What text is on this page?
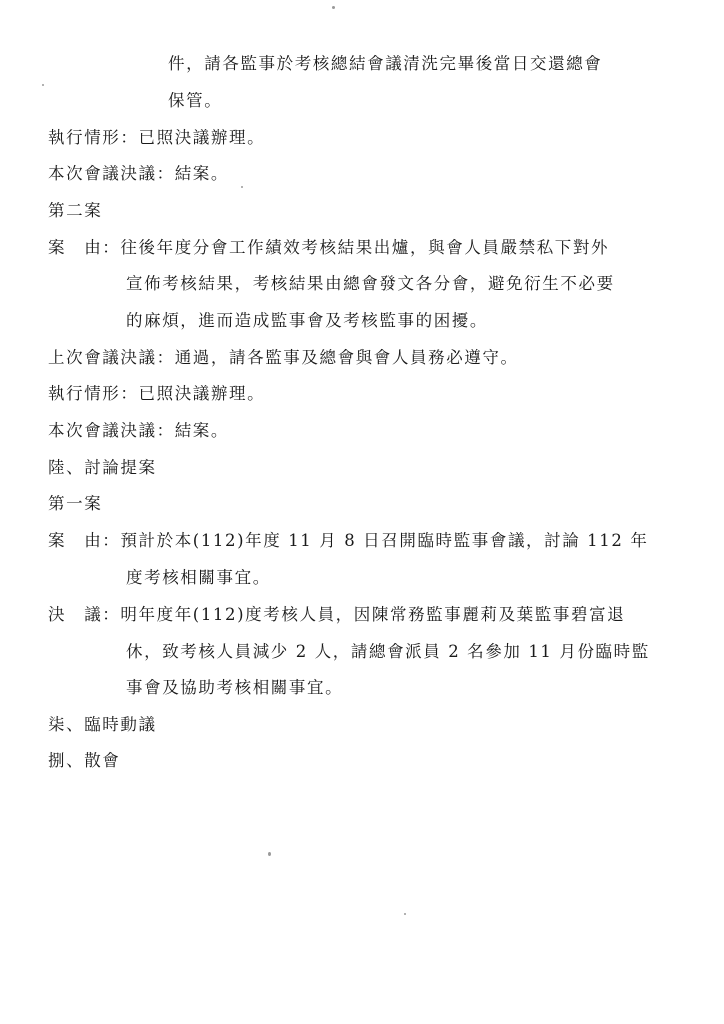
件，請各監事於考核總結會議清洗完畢後當日交還總會
保管。
執行情形：已照決議辦理。
本次會議決議：結案。
第二案
案　由：往後年度分會工作績效考核結果出爐，與會人員嚴禁私下對外
宣佈考核結果，考核結果由總會發文各分會，避免衍生不必要
的麻煩，進而造成監事會及考核監事的困擾。
上次會議決議：通過，請各監事及總會與會人員務必遵守。
執行情形：已照決議辦理。
本次會議決議：結案。
陸、討論提案
第一案
案　由：預計於本(112)年度 11 月 8 日召開臨時監事會議，討論 112 年
度考核相關事宜。
決　議：明年度年(112)度考核人員，因陳常務監事麗莉及葉監事碧富退
休，致考核人員減少 2 人，請總會派員 2 名參加 11 月份臨時監
事會及協助考核相關事宜。
柒、臨時動議
捌、散會
